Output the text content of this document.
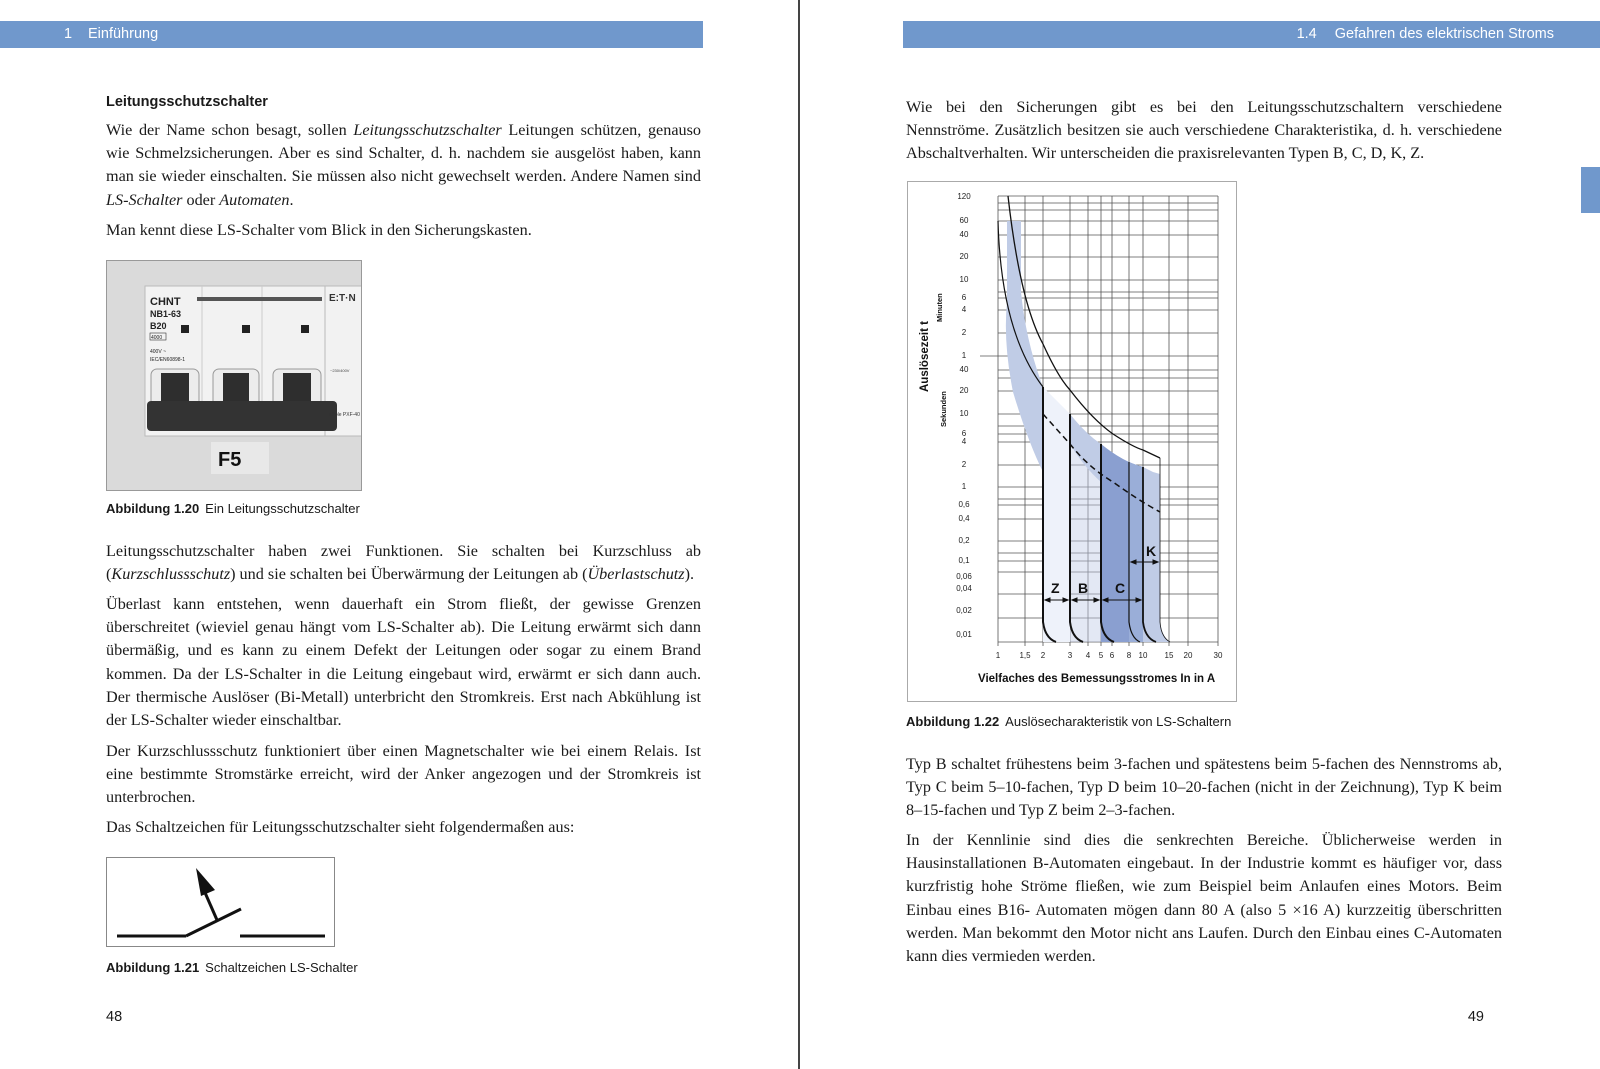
1 Einführung
Leitungsschutzschalter

Wie der Name schon besagt, sollen Leitungsschutzschalter Leitungen schützen, genauso wie Schmelzsicherungen. Aber es sind Schalter, d. h. nachdem sie ausgelöst haben, kann man sie wieder einschalten. Sie müssen also nicht gewechselt werden. Andere Namen sind LS-Schalter oder Automaten.

Man kennt diese LS-Schalter vom Blick in den Sicherungskasten.

CHNT
NB1-63
B20
4000
400V ~
IEC/EN60898-1
E:T·N
~230/400V
xPole PXF-40
F5
Abbildung 1.20 Ein Leitungsschutzschalter

Leitungsschutzschalter haben zwei Funktionen. Sie schalten bei Kurzschluss ab (Kurzschlussschutz) und sie schalten bei Überwärmung der Leitungen ab (Überlastschutz).

Überlast kann entstehen, wenn dauerhaft ein Strom fließt, der gewisse Grenzen überschreitet (wieviel genau hängt vom LS-Schalter ab). Die Leitung erwärmt sich dann übermäßig, und es kann zu einem Defekt der Leitungen oder sogar zu einem Brand kommen. Da der LS-Schalter in die Leitung eingebaut wird, erwärmt er sich dann auch. Der thermische Auslöser (Bi-Metall) unterbricht den Stromkreis. Erst nach Abkühlung ist der LS-Schalter wieder einschaltbar.

Der Kurzschlussschutz funktioniert über einen Magnetschalter wie bei einem Relais. Ist eine bestimmte Stromstärke erreicht, wird der Anker angezogen und der Stromkreis ist unterbrochen.

Das Schaltzeichen für Leitungsschutzschalter sieht folgendermaßen aus:

Abbildung 1.21 Schaltzeichen LS-Schalter
48
1.4 Gefahren des elektrischen Stroms

Wie bei den Sicherungen gibt es bei den Leitungsschutzschaltern verschiedene Nennströme. Zusätzlich besitzen sie auch verschiedene Charakteristika, d. h. verschiedene Abschaltverhalten. Wir unterscheiden die praxisrelevanten Typen B, C, D, K, Z.

Z B C
K
120
60
40
20
10
6
4
2
1
40
20
10
6
4
2
1
0,6
0,4
0,2
0,1
0,06
0,04
0,02
0,01
1 1,5 2	3 4 5 6 8 10 15 20	30
Vielfaches des Bemessungsstromes In in A
Auslösezeit t
Minuten
Sekunden
Abbildung 1.22 Auslösecharakteristik von LS-Schaltern

Typ B schaltet frühestens beim 3-fachen und spätestens beim 5-fachen des Nennstroms ab, Typ C beim 5–10-fachen, Typ D beim 10–20-fachen (nicht in der Zeichnung), Typ K beim 8–15-fachen und Typ Z beim 2–3-fachen.

In der Kennlinie sind dies die senkrechten Bereiche. Üblicherweise werden in Hausinstallationen B-Automaten eingebaut. In der Industrie kommt es häufiger vor, dass kurzfristig hohe Ströme fließen, wie zum Beispiel beim Anlaufen eines Motors. Beim Einbau eines B16- Automaten mögen dann 80 A (also 5 ×16 A) kurzzeitig überschritten werden. Man bekommt den Motor nicht ans Laufen. Durch den Einbau eines C-Automaten kann dies vermieden werden.

49
